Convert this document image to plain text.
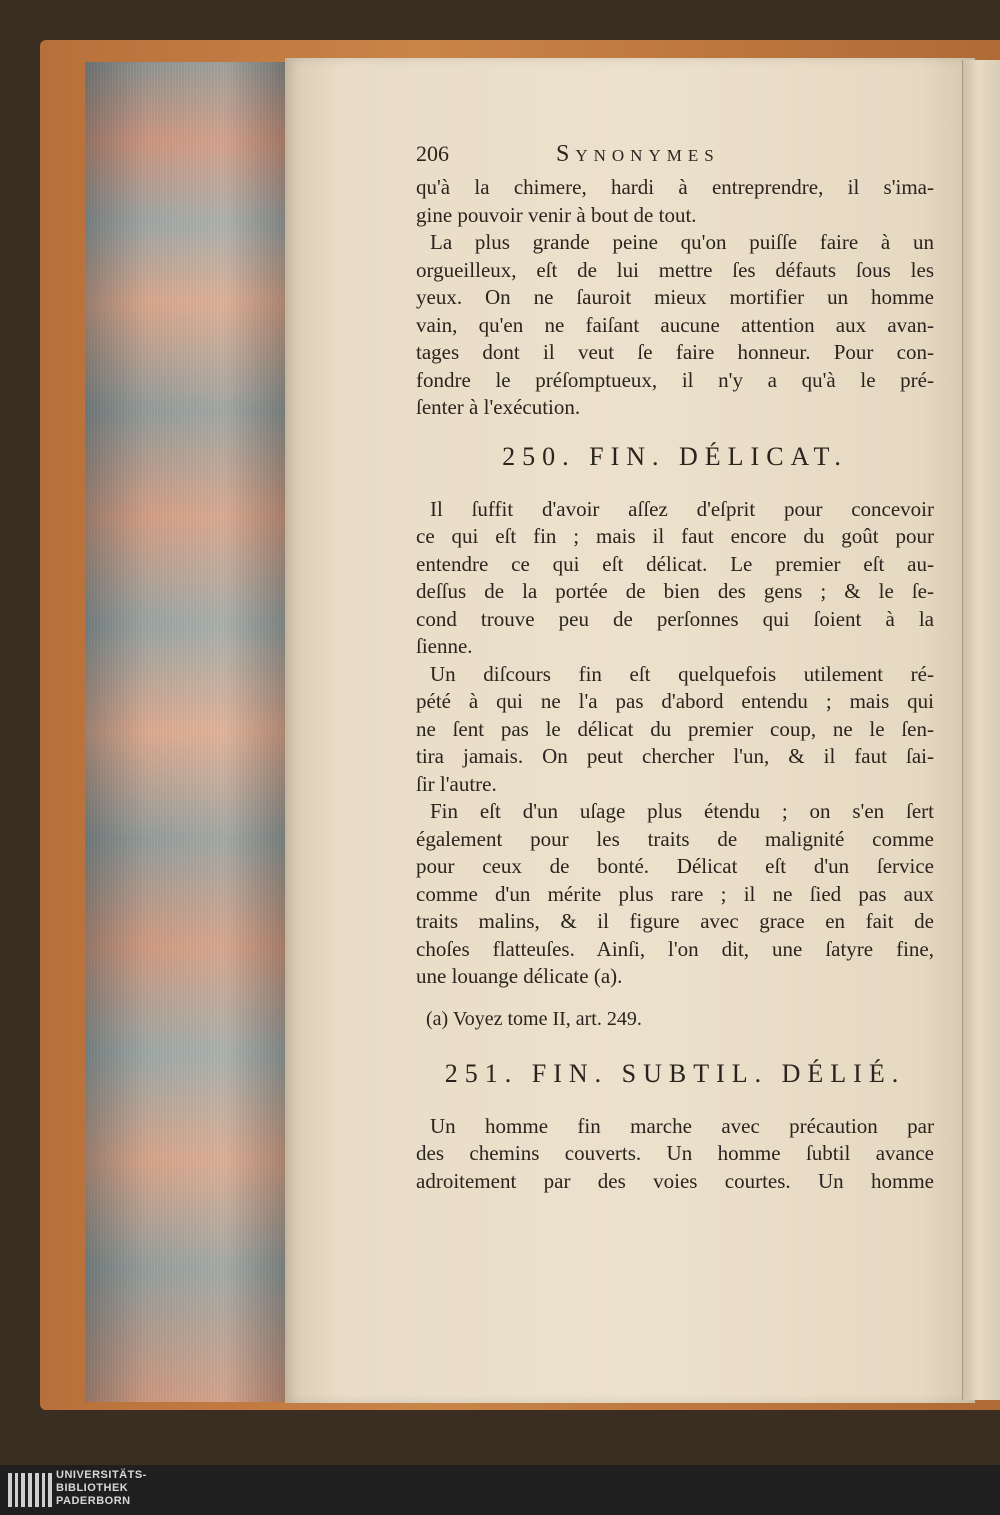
206	Synonymes
qu'à la chimere, hardi à entreprendre, il s'ima-
gine pouvoir venir à bout de tout.
La plus grande peine qu'on puiſſe faire à un
orgueilleux, eſt de lui mettre ſes défauts ſous les
yeux. On ne ſauroit mieux mortifier un homme
vain, qu'en ne faiſant aucune attention aux avan-
tages dont il veut ſe faire honneur. Pour con-
fondre le préſomptueux, il n'y a qu'à le pré-
ſenter à l'exécution.
250. FIN. DÉLICAT.
Il ſuffit d'avoir aſſez d'eſprit pour concevoir
ce qui eſt fin ; mais il faut encore du goût pour
entendre ce qui eſt délicat. Le premier eſt au-
deſſus de la portée de bien des gens ; & le ſe-
cond trouve peu de perſonnes qui ſoient à la
ſienne.
Un diſcours fin eſt quelquefois utilement ré-
pété à qui ne l'a pas d'abord entendu ; mais qui
ne ſent pas le délicat du premier coup, ne le ſen-
tira jamais. On peut chercher l'un, & il faut ſai-
ſir l'autre.
Fin eſt d'un uſage plus étendu ; on s'en ſert
également pour les traits de malignité comme
pour ceux de bonté. Délicat eſt d'un ſervice
comme d'un mérite plus rare ; il ne ſied pas aux
traits malins, & il figure avec grace en fait de
choſes flatteuſes. Ainſi, l'on dit, une ſatyre fine,
une louange délicate (a).
(a) Voyez tome II, art. 249.
251. FIN. SUBTIL. DÉLIÉ.
Un homme fin marche avec précaution par
des chemins couverts. Un homme ſubtil avance
adroitement par des voies courtes. Un homme
UNIVERSITÄTS-
BIBLIOTHEK
PADERBORN
